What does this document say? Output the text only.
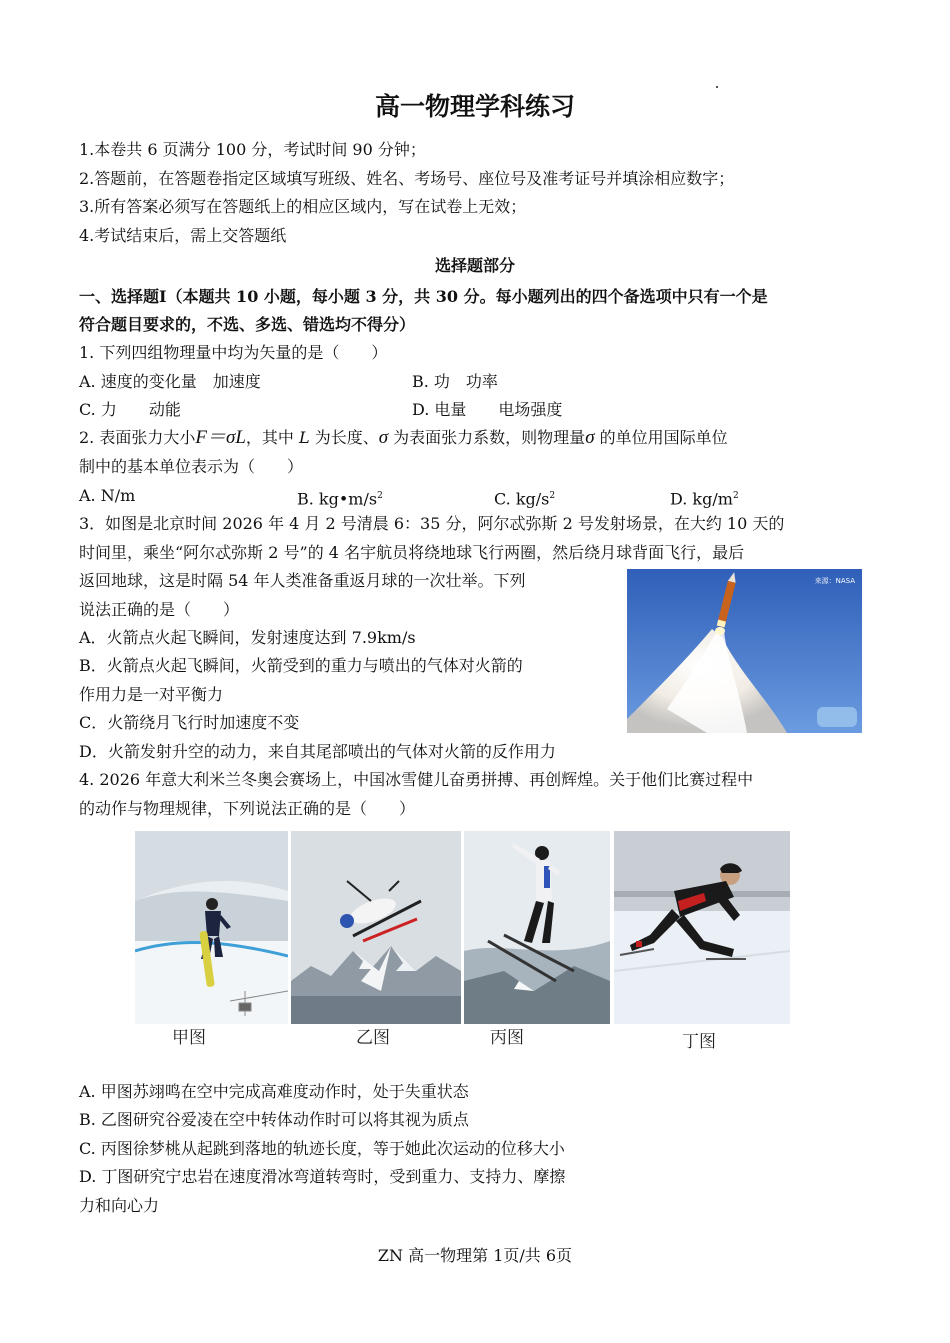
高一物理学科练习
1.本卷共 6 页满分 100 分，考试时间 90 分钟；
2.答题前，在答题卷指定区域填写班级、姓名、考场号、座位号及准考证号并填涂相应数字；
3.所有答案必须写在答题纸上的相应区域内，写在试卷上无效；
4.考试结束后，需上交答题纸
选择题部分
一、选择题Ⅰ（本题共 10 小题，每小题 3 分，共 30 分。每小题列出的四个备选项中只有一个是
符合题目要求的，不选、多选、错选均不得分）
1. 下列四组物理量中均为矢量的是（　　）
A. 速度的变化量　加速度	B. 功　功率
C. 力　　动能	D. 电量　　电场强度
2. 表面张力大小F＝σL，其中 L 为长度、σ 为表面张力系数，则物理量σ 的单位用国际单位
制中的基本单位表示为（　　）
A. N/m	B. $kg•m/s^2$	C. $kg/s^2$	D. $kg/m^2$
3．如图是北京时间 2026 年 4 月 2 号清晨 6：35 分，阿尔忒弥斯 2 号发射场景，在大约 10 天的
时间里，乘坐“阿尔忒弥斯 2 号”的 4 名宇航员将绕地球飞行两圈，然后绕月球背面飞行，最后
返回地球，这是时隔 54 年人类准备重返月球的一次壮举。下列
说法正确的是（　　）
A．火箭点火起飞瞬间，发射速度达到 7.9km/s
B．火箭点火起飞瞬间，火箭受到的重力与喷出的气体对火箭的
作用力是一对平衡力
C．火箭绕月飞行时加速度不变
D．火箭发射升空的动力，来自其尾部喷出的气体对火箭的反作用力
来源：NASA
4. 2026 年意大利米兰冬奥会赛场上，中国冰雪健儿奋勇拼搏、再创辉煌。关于他们比赛过程中
的动作与物理规律，下列说法正确的是（　　）
甲图	乙图	丙图	丁图
A. 甲图苏翊鸣在空中完成高难度动作时，处于失重状态
B. 乙图研究谷爱凌在空中转体动作时可以将其视为质点
C. 丙图徐梦桃从起跳到落地的轨迹长度，等于她此次运动的位移大小
D. 丁图研究宁忠岩在速度滑冰弯道转弯时，受到重力、支持力、摩擦
力和向心力
ZN 高一物理第 1页/共 6页
